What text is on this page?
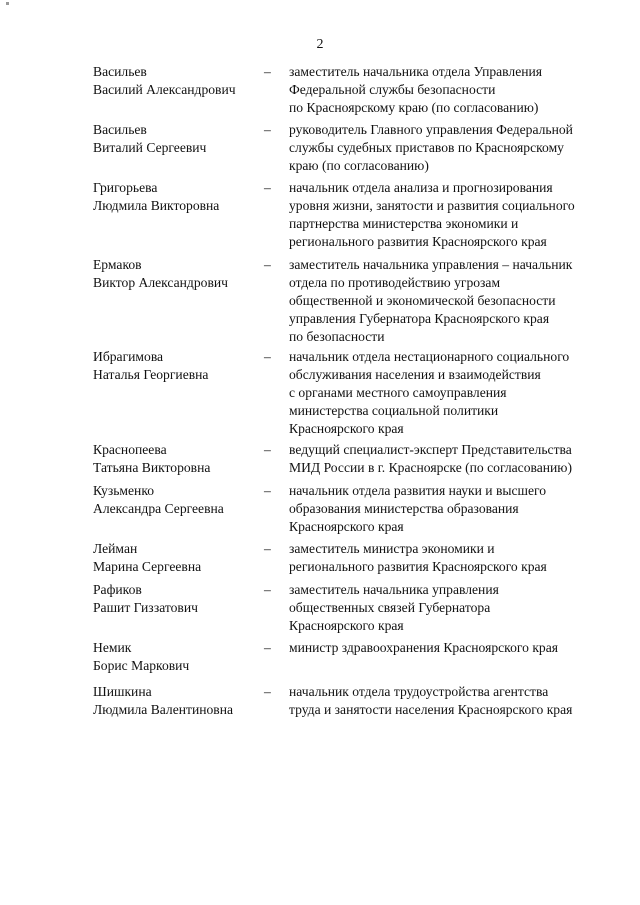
2
Васильев
Василий Александрович
– заместитель начальника отдела Управления
Федеральной службы безопасности
по Красноярскому краю (по согласованию)
Васильев
Виталий Сергеевич
– руководитель Главного управления Федеральной
службы судебных приставов по Красноярскому
краю (по согласованию)
Григорьева
Людмила Викторовна
– начальник отдела анализа и прогнозирования
уровня жизни, занятости и развития социального
партнерства министерства экономики и
регионального развития Красноярского края
Ермаков
Виктор Александрович
– заместитель начальника управления – начальник
отдела по противодействию угрозам
общественной и экономической безопасности
управления Губернатора Красноярского края
по безопасности
Ибрагимова
Наталья Георгиевна
– начальник отдела нестационарного социального
обслуживания населения и взаимодействия
с органами местного самоуправления
министерства социальной политики
Красноярского края
Краснопеева
Татьяна Викторовна
– ведущий специалист-эксперт Представительства
МИД России в г. Красноярске (по согласованию)
Кузьменко
Александра Сергеевна
– начальник отдела развития науки и высшего
образования министерства образования
Красноярского края
Лейман
Марина Сергеевна
– заместитель министра экономики и
регионального развития Красноярского края
Рафиков
Рашит Гиззатович
– заместитель начальника управления
общественных связей Губернатора
Красноярского края
Немик
Борис Маркович
– министр здравоохранения Красноярского края
Шишкина
Людмила Валентиновна
– начальник отдела трудоустройства агентства
труда и занятости населения Красноярского края
